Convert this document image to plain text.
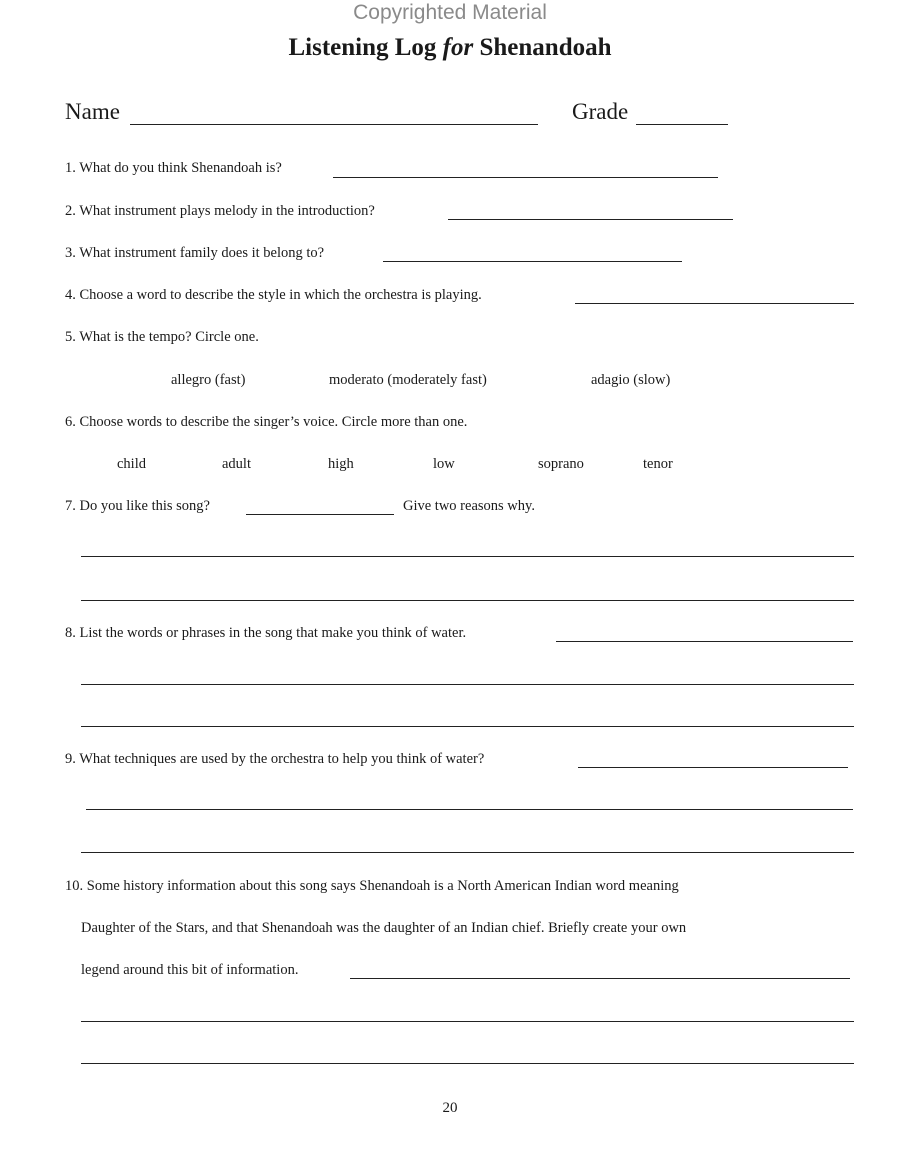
Copyrighted Material
Listening Log for Shenandoah
Name	Grade
1. What do you think Shenandoah is?
2. What instrument plays melody in the introduction?
3. What instrument family does it belong to?
4. Choose a word to describe the style in which the orchestra is playing.
5. What is the tempo? Circle one.
allegro (fast)	moderato (moderately fast)	adagio (slow)
6. Choose words to describe the singer’s voice. Circle more than one.
child	adult	high	low	soprano	tenor
7. Do you like this song?	Give two reasons why.
8. List the words or phrases in the song that make you think of water.
9. What techniques are used by the orchestra to help you think of water?
10. Some history information about this song says Shenandoah is a North American Indian word meaning
Daughter of the Stars, and that Shenandoah was the daughter of an Indian chief. Briefly create your own
legend around this bit of information.
20
